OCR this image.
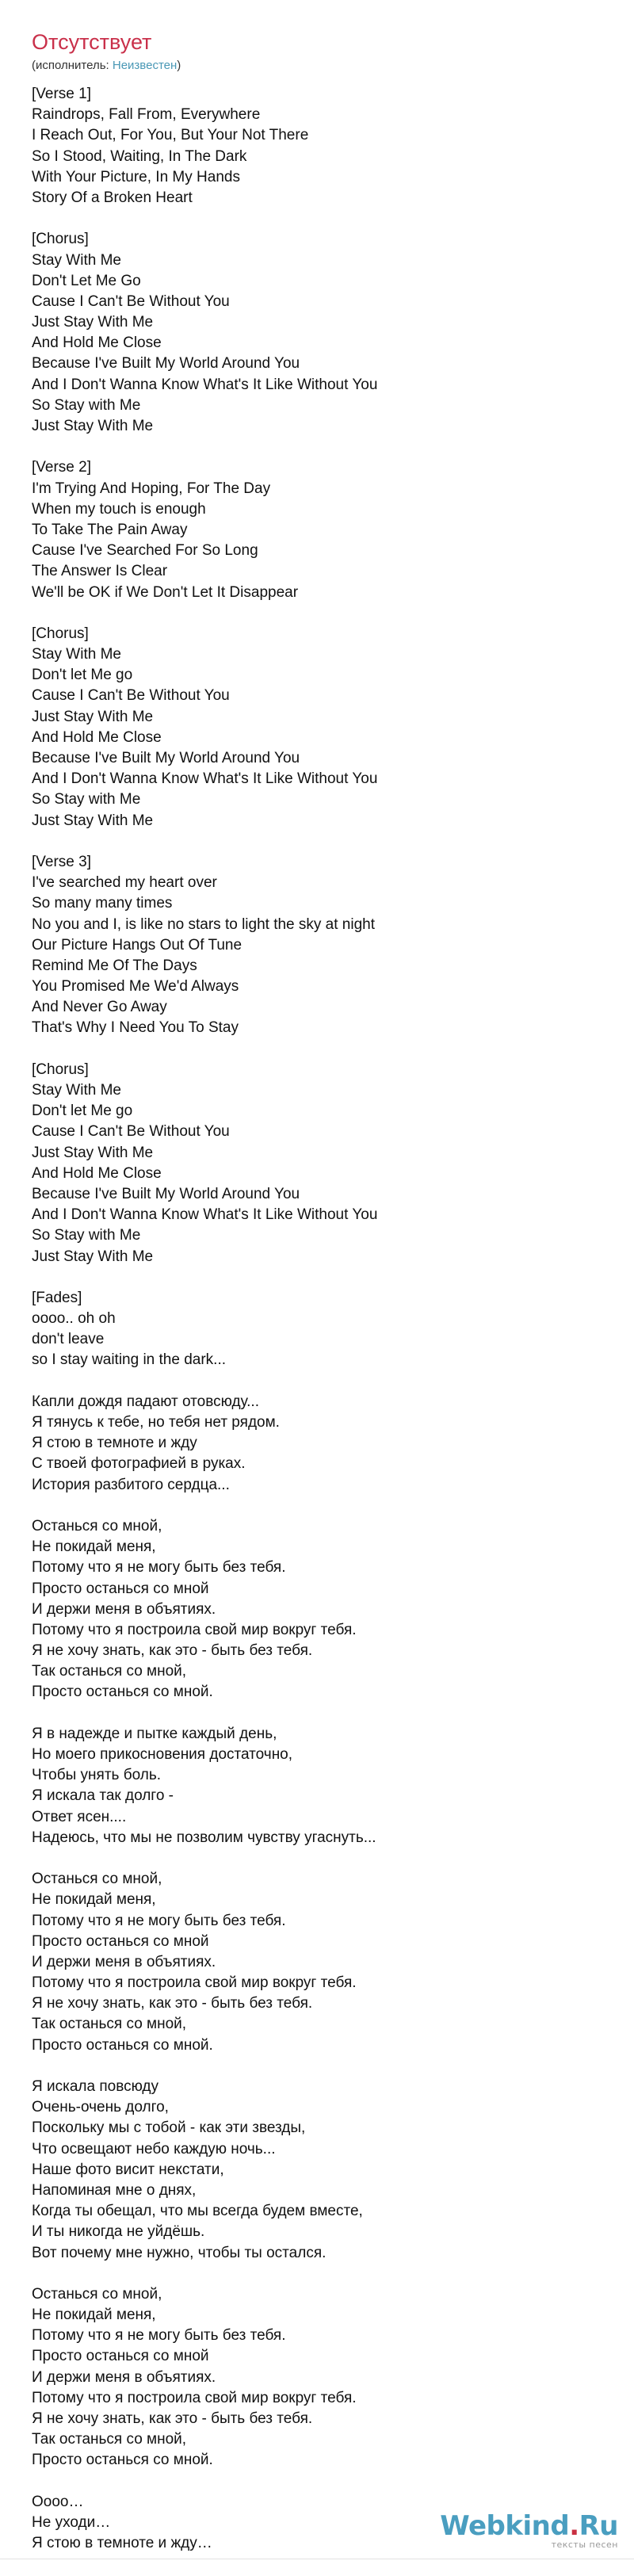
Отсутствует
(исполнитель: Неизвестен)
[Verse 1]
Raindrops, Fall From, Everywhere
I Reach Out, For You, But Your Not There
So I Stood, Waiting, In The Dark
With Your Picture, In My Hands
Story Of a Broken Heart
[Chorus]
Stay With Me
Don't Let Me Go
Cause I Can't Be Without You
Just Stay With Me
And Hold Me Close
Because I've Built My World Around You
And I Don't Wanna Know What's It Like Without You
So Stay with Me
Just Stay With Me
[Verse 2]
I'm Trying And Hoping, For The Day
When my touch is enough
To Take The Pain Away
Cause I've Searched For So Long
The Answer Is Clear
We'll be OK if We Don't Let It Disappear
[Chorus]
Stay With Me
Don't let Me go
Cause I Can't Be Without You
Just Stay With Me
And Hold Me Close
Because I've Built My World Around You
And I Don't Wanna Know What's It Like Without You
So Stay with Me
Just Stay With Me
[Verse 3]
I've searched my heart over
So many many times
No you and I, is like no stars to light the sky at night
Our Picture Hangs Out Of Tune
Remind Me Of The Days
You Promised Me We'd Always
And Never Go Away
That's Why I Need You To Stay
[Chorus]
Stay With Me
Don't let Me go
Cause I Can't Be Without You
Just Stay With Me
And Hold Me Close
Because I've Built My World Around You
And I Don't Wanna Know What's It Like Without You
So Stay with Me
Just Stay With Me
[Fades]
oooo.. oh oh
don't leave
so I stay waiting in the dark...
Капли дождя падают отовсюду...
Я тянусь к тебе, но тебя нет рядом.
Я стою в темноте и жду
С твоей фотографией в руках.
История разбитого сердца...
Останься со мной,
Не покидай меня,
Потому что я не могу быть без тебя.
Просто останься со мной
И держи меня в объятиях.
Потому что я построила свой мир вокруг тебя.
Я не хочу знать, как это - быть без тебя.
Так останься со мной,
Просто останься со мной.
Я в надежде и пытке каждый день,
Но моего прикосновения достаточно,
Чтобы унять боль.
Я искала так долго -
Ответ ясен....
Надеюсь, что мы не позволим чувству угаснуть...
Останься со мной,
Не покидай меня,
Потому что я не могу быть без тебя.
Просто останься со мной
И держи меня в объятиях.
Потому что я построила свой мир вокруг тебя.
Я не хочу знать, как это - быть без тебя.
Так останься со мной,
Просто останься со мной.
Я искала повсюду
Очень-очень долго,
Поскольку мы с тобой - как эти звезды,
Что освещают небо каждую ночь...
Наше фото висит некстати,
Напоминая мне о днях,
Когда ты обещал, что мы всегда будем вместе,
И ты никогда не уйдёшь.
Вот почему мне нужно, чтобы ты остался.
Останься со мной,
Не покидай меня,
Потому что я не могу быть без тебя.
Просто останься со мной
И держи меня в объятиях.
Потому что я построила свой мир вокруг тебя.
Я не хочу знать, как это - быть без тебя.
Так останься со мной,
Просто останься со мной.
Оооо…
Не уходи…
Я стою в темноте и жду…
Webkind.Ru
тексты песен
